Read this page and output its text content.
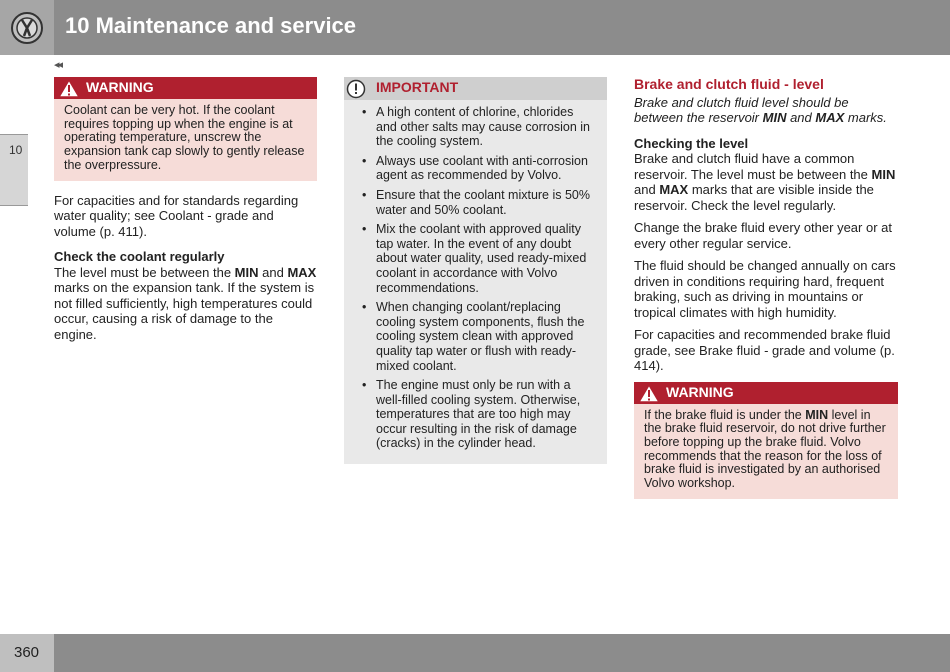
10 Maintenance and service
◂◂
10
WARNING
Coolant can be very hot. If the coolant requires topping up when the engine is at operating temperature, unscrew the expansion tank cap slowly to gently release the overpressure.

For capacities and for standards regarding water quality; see Coolant - grade and volume (p. 411).

Check the coolant regularly

The level must be between the MIN and MAX marks on the expansion tank. If the system is not filled sufficiently, high temperatures could occur, causing a risk of damage to the engine.

IMPORTANT
• A high content of chlorine, chlorides and other salts may cause corrosion in the cooling system.
• Always use coolant with anti-corrosion agent as recommended by Volvo.
• Ensure that the coolant mixture is 50% water and 50% coolant.
• Mix the coolant with approved quality tap water. In the event of any doubt about water quality, used ready-mixed coolant in accordance with Volvo recommendations.
• When changing coolant/replacing cooling system components, flush the cooling system clean with approved quality tap water or flush with ready-mixed coolant.
• The engine must only be run with a well-filled cooling system. Otherwise, temperatures that are too high may occur resulting in the risk of damage (cracks) in the cylinder head.
Brake and clutch fluid - level

Brake and clutch fluid level should be between the reservoir MIN and MAX marks.

Checking the level

Brake and clutch fluid have a common reservoir. The level must be between the MIN and MAX marks that are visible inside the reservoir. Check the level regularly.

Change the brake fluid every other year or at every other regular service.

The fluid should be changed annually on cars driven in conditions requiring hard, frequent braking, such as driving in mountains or tropical climates with high humidity.

For capacities and recommended brake fluid grade, see Brake fluid - grade and volume (p. 414).

WARNING
If the brake fluid is under the MIN level in the brake fluid reservoir, do not drive further before topping up the brake fluid. Volvo recommends that the reason for the loss of brake fluid is investigated by an authorised Volvo workshop.
360
